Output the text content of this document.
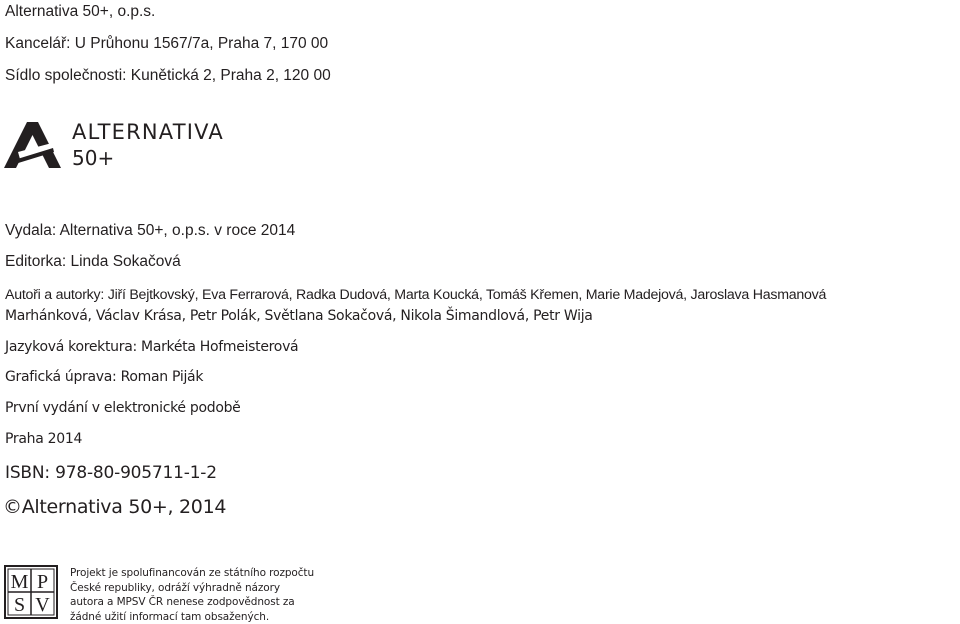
Alternativa 50+, o.p.s.
Kancelář: U Průhonu 1567/7a, Praha 7, 170 00
Sídlo společnosti: Kunětická 2, Praha 2, 120 00
ALTERNATIVA
50+
Vydala: Alternativa 50+, o.p.s. v roce 2014
Editorka: Linda Sokačová
Autoři a autorky: Jiří Bejtkovský, Eva Ferrarová, Radka Dudová, Marta Koucká, Tomáš Křemen, Marie Madejová, Jaroslava Hasmanová
Marhánková, Václav Krása, Petr Polák, Světlana Sokačová, Nikola Šimandlová, Petr Wija
Jazyková korektura: Markéta Hofmeisterová
Grafická úprava: Roman Piják
První vydání v elektronické podobě
Praha 2014
ISBN: 978-80-905711-1-2
©Alternativa 50+, 2014
M P
S V
Projekt je spolufinancován ze státního rozpočtu
České republiky, odráží výhradně názory
autora a MPSV ČR nenese zodpovědnost za
žádné užití informací tam obsažených.
